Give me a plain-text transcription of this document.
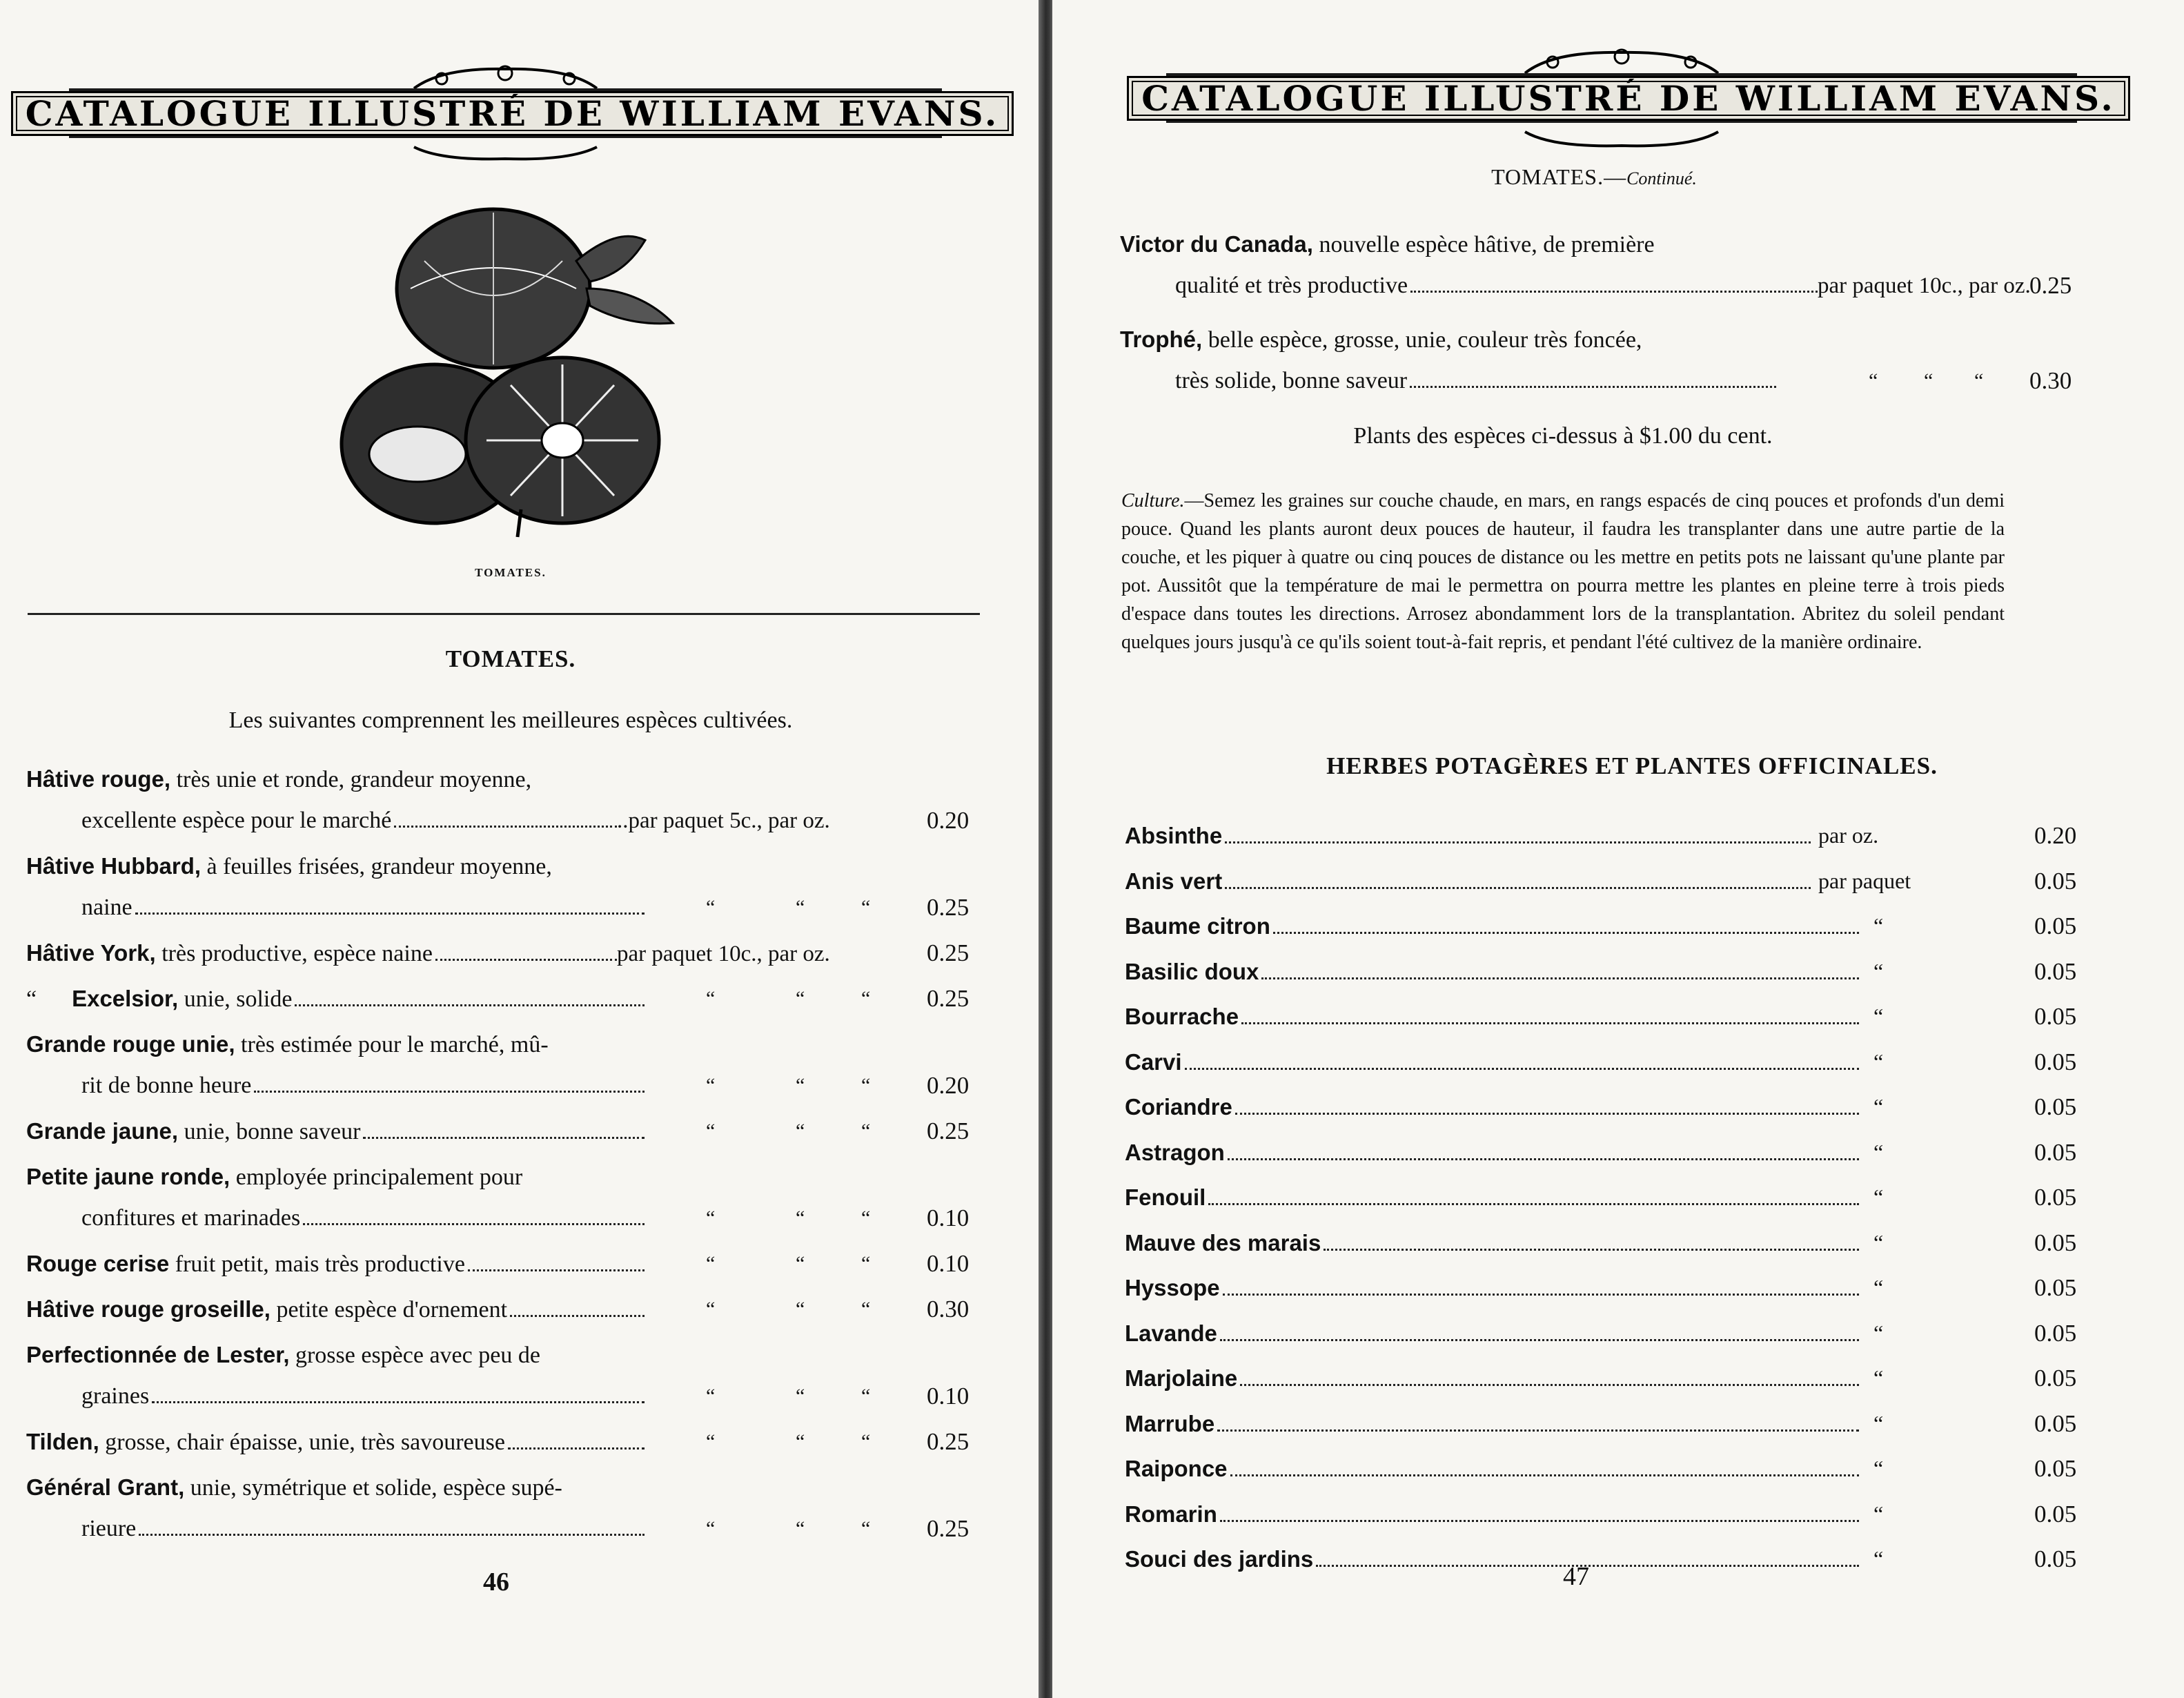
CATALOGUE ILLUSTRÉ DE WILLIAM EVANS.
TOMATES.
TOMATES.
Les suivantes comprennent les meilleures espèces cultivées.
Hâtive rouge, très unie et ronde, grandeur moyenne,
excellente espèce pour le marché	..par paquet 5c., par oz.	0.20
Hâtive Hubbard, à feuilles frisées, grandeur moyenne,
naine	“	“	“ 0.25
Hâtive York, très productive, espèce naine	par paquet 10c., par oz.	0.25
“ Excelsior, unie, solide	“	“	“ 0.25
Grande rouge unie, très estimée pour le marché, mû-
rit de bonne heure	“	“	“ 0.20
Grande jaune, unie, bonne saveur	“	“	“ 0.25
Petite jaune ronde, employée principalement pour
confitures et marinades	“	“	“ 0.10
Rouge cerise fruit petit, mais très productive	“	“	“ 0.10
Hâtive rouge groseille, petite espèce d'ornement	“	“	“ 0.30
Perfectionnée de Lester, grosse espèce avec peu de
graines	“	“	“ 0.10
Tilden, grosse, chair épaisse, unie, très savoureuse	“	“	“ 0.25
Général Grant, unie, symétrique et solide, espèce supé-
rieure	“	“	“ 0.25
46
CATALOGUE ILLUSTRÉ DE WILLIAM EVANS.
TOMATES.—Continué.
Victor du Canada, nouvelle espèce hâtive, de première
qualité et très productive	par paquet 10c., par oz.
0.25
Trophé, belle espèce, grosse, unie, couleur très foncée,
très solide, bonne saveur	“ “ “ 0.30
Plants des espèces ci-dessus à $1.00 du cent.
Culture.—Semez les graines sur couche chaude, en mars, en rangs espacés de cinq pouces et profonds d'un demi pouce. Quand les plants auront deux pouces de hauteur, il faudra les transplanter dans une autre partie de la couche, et les piquer à quatre ou cinq pouces de distance ou les mettre en petits pots ne laissant qu'une plante par pot. Aussitôt que la température de mai le permettra on pourra mettre les plantes en pleine terre à trois pieds d'espace dans toutes les directions. Arrosez abondamment lors de la transplantation. Abritez du soleil pendant quelques jours jusqu'à ce qu'ils soient tout-à-fait repris, et pendant l'été cultivez de la manière ordinaire.
HERBES POTAGÈRES ET PLANTES OFFICINALES.
Absinthe	par oz.	0.20
Anis vert	par paquet	0.05
Baume citron	“	0.05
Basilic doux	“	0.05
Bourrache	“	0.05
Carvi	“	0.05
Coriandre	“	0.05
Astragon	“	0.05
Fenouil	“	0.05
Mauve des marais	“	0.05
Hyssope	“	0.05
Lavande	“	0.05
Marjolaine	“	0.05
Marrube	“	0.05
Raiponce	“	0.05
Romarin	“	0.05
Souci des jardins	“	0.05
47
